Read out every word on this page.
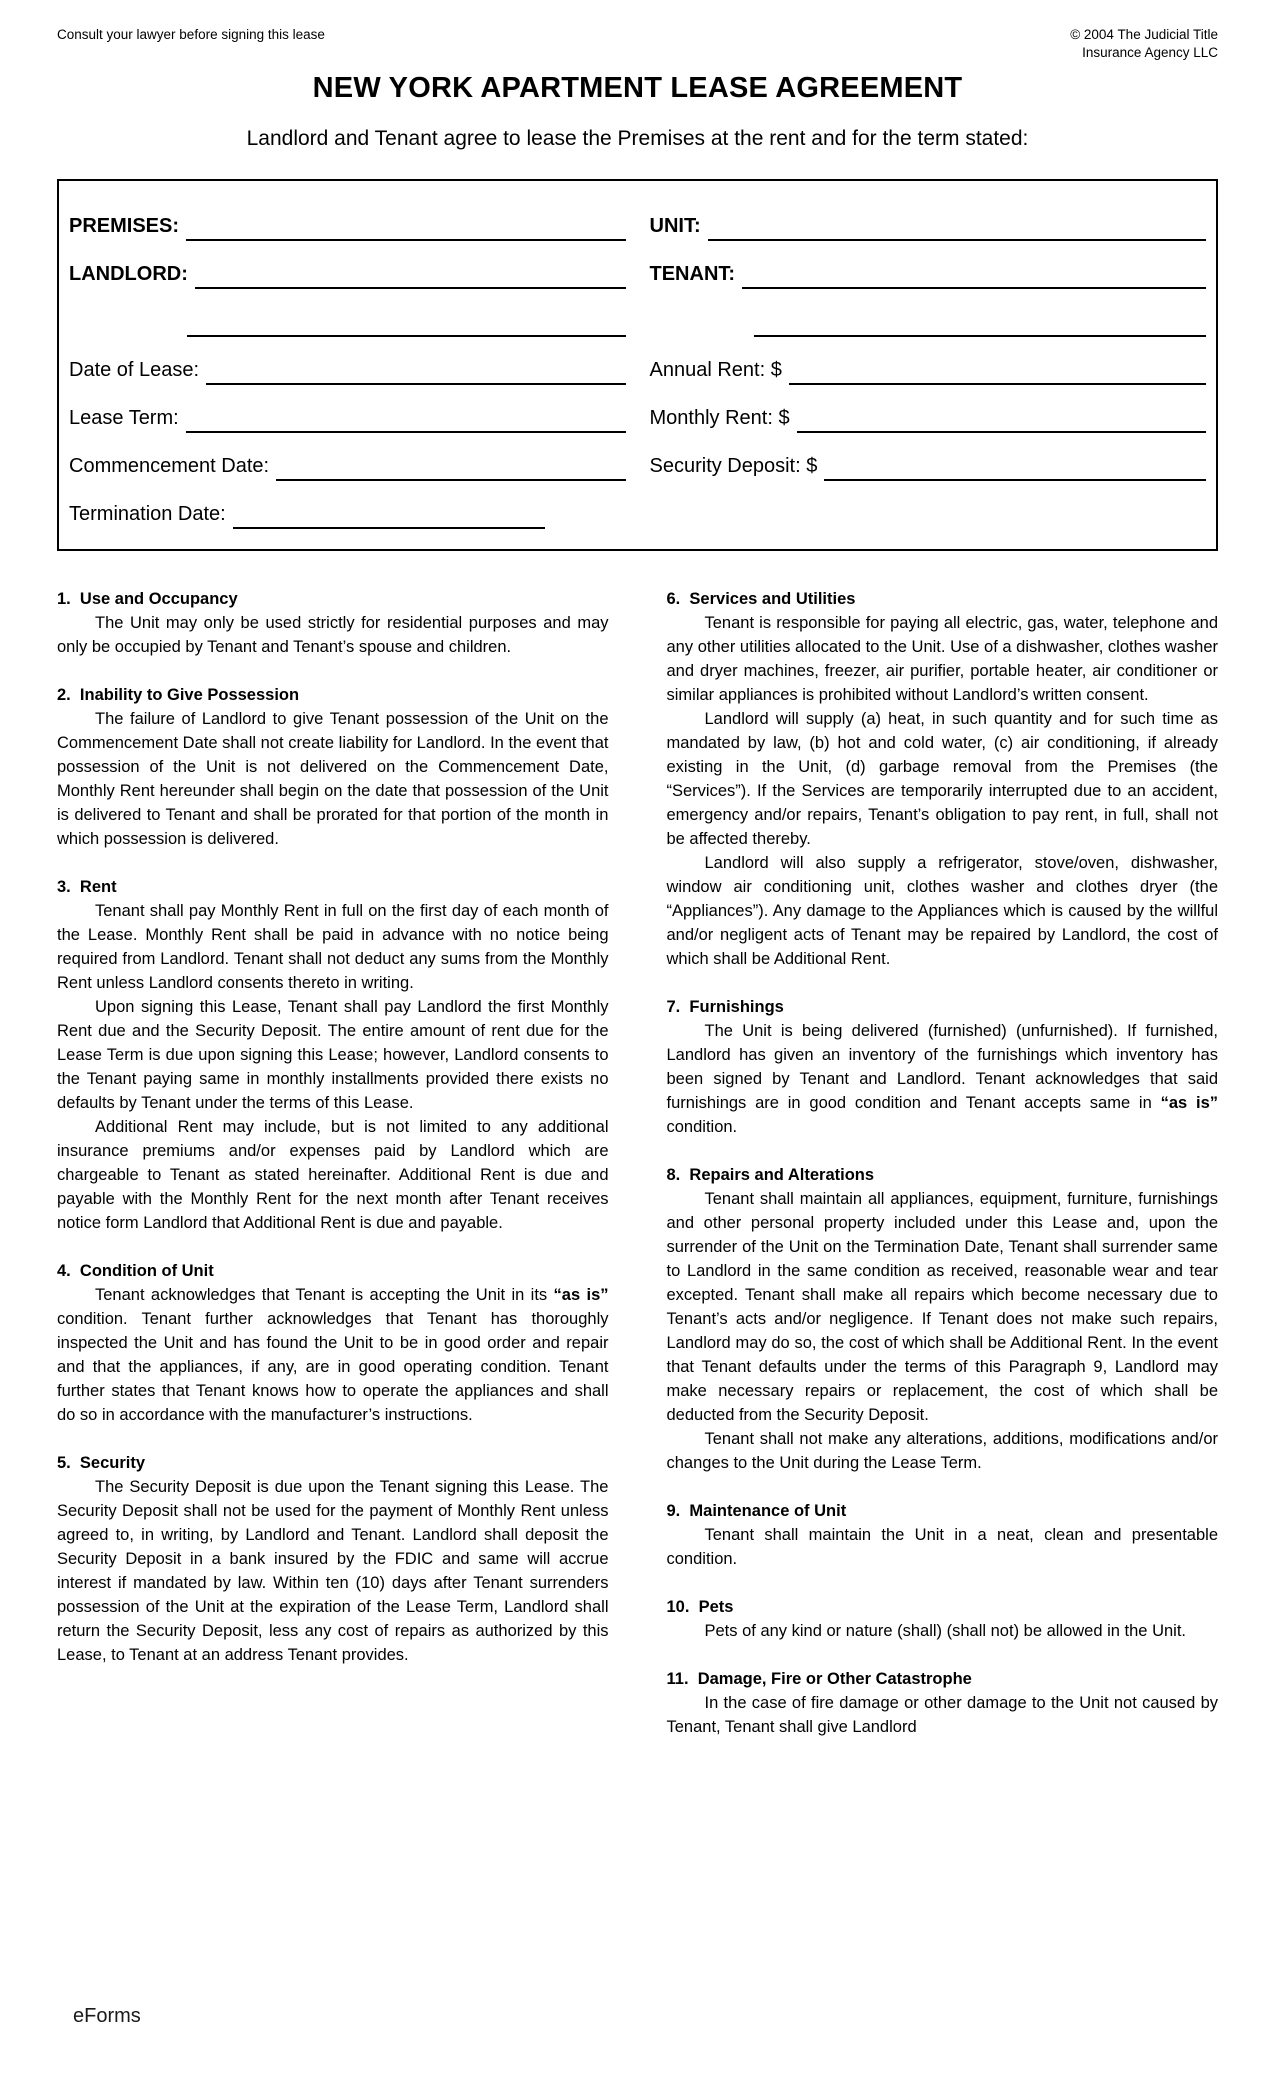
Consult your lawyer before signing this lease	© 2004 The Judicial Title
Insurance Agency LLC
NEW YORK APARTMENT LEASE AGREEMENT
Landlord and Tenant agree to lease the Premises at the rent and for the term stated:
PREMISES:
LANDLORD:
Date of Lease:
Lease Term:
Commencement Date:
Termination Date:
UNIT:
TENANT:
Annual Rent: $
Monthly Rent: $
Security Deposit: $
1.  Use and Occupancy

The Unit may only be used strictly for residential purposes and may only be occupied by Tenant and Tenant’s spouse and children.

2.  Inability to Give Possession

The failure of Landlord to give Tenant possession of the Unit on the Commencement Date shall not create liability for Landlord. In the event that possession of the Unit is not delivered on the Commencement Date, Monthly Rent hereunder shall begin on the date that possession of the Unit is delivered to Tenant and shall be prorated for that portion of the month in which possession is delivered.

3.  Rent

Tenant shall pay Monthly Rent in full on the first day of each month of the Lease. Monthly Rent shall be paid in advance with no notice being required from Landlord. Tenant shall not deduct any sums from the Monthly Rent unless Landlord consents thereto in writing.

Upon signing this Lease, Tenant shall pay Landlord the first Monthly Rent due and the Security Deposit. The entire amount of rent due for the Lease Term is due upon signing this Lease; however, Landlord consents to the Tenant paying same in monthly installments provided there exists no defaults by Tenant under the terms of this Lease.

Additional Rent may include, but is not limited to any additional insurance premiums and/or expenses paid by Landlord which are chargeable to Tenant as stated hereinafter. Additional Rent is due and payable with the Monthly Rent for the next month after Tenant receives notice form Landlord that Additional Rent is due and payable.

4.  Condition of Unit

Tenant acknowledges that Tenant is accepting the Unit in its “as is” condition. Tenant further acknowledges that Tenant has thoroughly inspected the Unit and has found the Unit to be in good order and repair and that the appliances, if any, are in good operating condition. Tenant further states that Tenant knows how to operate the appliances and shall do so in accordance with the manufacturer’s instructions.

5.  Security

The Security Deposit is due upon the Tenant signing this Lease. The Security Deposit shall not be used for the payment of Monthly Rent unless agreed to, in writing, by Landlord and Tenant. Landlord shall deposit the Security Deposit in a bank insured by the FDIC and same will accrue interest if mandated by law. Within ten (10) days after Tenant surrenders possession of the Unit at the expiration of the Lease Term, Landlord shall return the Security Deposit, less any cost of repairs as authorized by this Lease, to Tenant at an address Tenant provides.

6.  Services and Utilities

Tenant is responsible for paying all electric, gas, water, telephone and any other utilities allocated to the Unit. Use of a dishwasher, clothes washer and dryer machines, freezer, air purifier, portable heater, air conditioner or similar appliances is prohibited without Landlord’s written consent.

Landlord will supply (a) heat, in such quantity and for such time as mandated by law, (b) hot and cold water, (c) air conditioning, if already existing in the Unit, (d) garbage removal from the Premises (the “Services”). If the Services are temporarily interrupted due to an accident, emergency and/or repairs, Tenant’s obligation to pay rent, in full, shall not be affected thereby.

Landlord will also supply a refrigerator, stove/oven, dishwasher, window air conditioning unit, clothes washer and clothes dryer (the “Appliances”). Any damage to the Appliances which is caused by the willful and/or negligent acts of Tenant may be repaired by Landlord, the cost of which shall be Additional Rent.

7.  Furnishings

The Unit is being delivered (furnished) (unfurnished). If furnished, Landlord has given an inventory of the furnishings which inventory has been signed by Tenant and Landlord. Tenant acknowledges that said furnishings are in good condition and Tenant accepts same in “as is” condition.

8.  Repairs and Alterations

Tenant shall maintain all appliances, equipment, furniture, furnishings and other personal property included under this Lease and, upon the surrender of the Unit on the Termination Date, Tenant shall surrender same to Landlord in the same condition as received, reasonable wear and tear excepted. Tenant shall make all repairs which become necessary due to Tenant’s acts and/or negligence. If Tenant does not make such repairs, Landlord may do so, the cost of which shall be Additional Rent. In the event that Tenant defaults under the terms of this Paragraph 9, Landlord may make necessary repairs or replacement, the cost of which shall be deducted from the Security Deposit.

Tenant shall not make any alterations, additions, modifications and/or changes to the Unit during the Lease Term.

9.  Maintenance of Unit

Tenant shall maintain the Unit in a neat, clean and presentable condition.

10.  Pets

Pets of any kind or nature (shall) (shall not) be allowed in the Unit.

11.  Damage, Fire or Other Catastrophe

In the case of fire damage or other damage to the Unit not caused by Tenant, Tenant shall give Landlord

eForms
